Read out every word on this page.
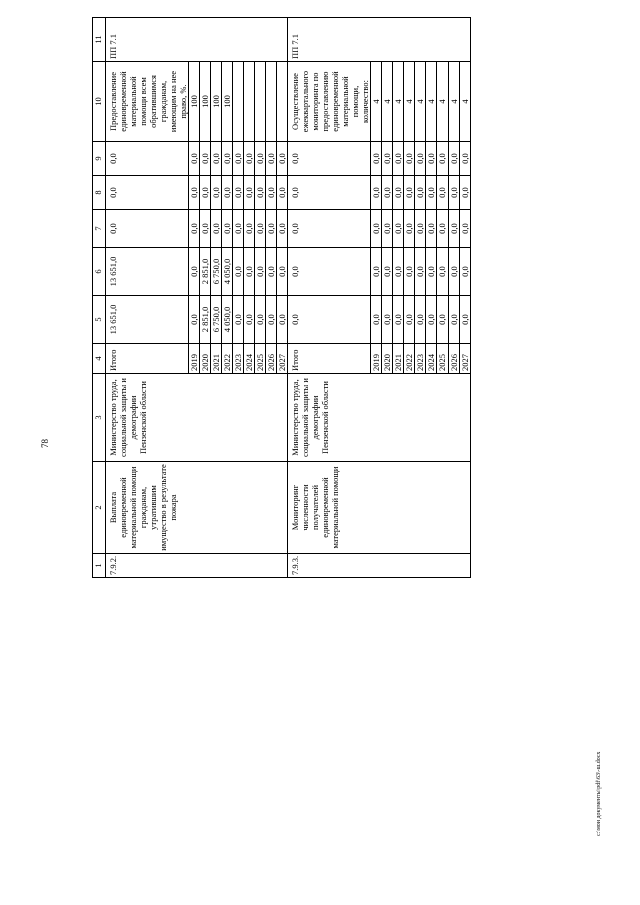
78
c:\мои документы\pdf\63\-ш.docx
1	2	3	4	5	6	7	8	9	10	11
7.9.2.	Выплата единовременной материальной помощи гражданам, утратившим имущество в результате пожара	Министерство труда, социальной защиты и демографии Пензенской области	Итого	13 651,0	13 651,0	0,0	0,0	0,0	Предоставление единовременной материальной помощи всем обратившимся гражданам, имеющим на нее право, %.	ПП 7.1
			2019	0,0	0,0	0,0	0,0	0,0	100	
			2020	2 851,0	2 851,0	0,0	0,0	0,0	100	
			2021	6 750,0	6 750,0	0,0	0,0	0,0	100	
			2022	4 050,0	4 050,0	0,0	0,0	0,0	100	
			2023	0,0	0,0	0,0	0,0	0,0		
			2024	0,0	0,0	0,0	0,0	0,0		
			2025	0,0	0,0	0,0	0,0	0,0		
			2026	0,0	0,0	0,0	0,0	0,0		
			2027	0,0	0,0	0,0	0,0	0,0		
7.9.3.	Мониторинг численности получателей единовременной материальной помощи	Министерство труда, социальной защиты и демографии Пензенской области	Итого	0,0	0,0	0,0	0,0	0,0	Осуществление ежеквартального мониторинга по предоставлению единовременной материальной помощи, количество:	ПП 7.1
			2019	0,0	0,0	0,0	0,0	0,0	4	
			2020	0,0	0,0	0,0	0,0	0,0	4	
			2021	0,0	0,0	0,0	0,0	0,0	4	
			2022	0,0	0,0	0,0	0,0	0,0	4	
			2023	0,0	0,0	0,0	0,0	0,0	4	
			2024	0,0	0,0	0,0	0,0	0,0	4	
			2025	0,0	0,0	0,0	0,0	0,0	4	
			2026	0,0	0,0	0,0	0,0	0,0	4	
			2027	0,0	0,0	0,0	0,0	0,0	4	
